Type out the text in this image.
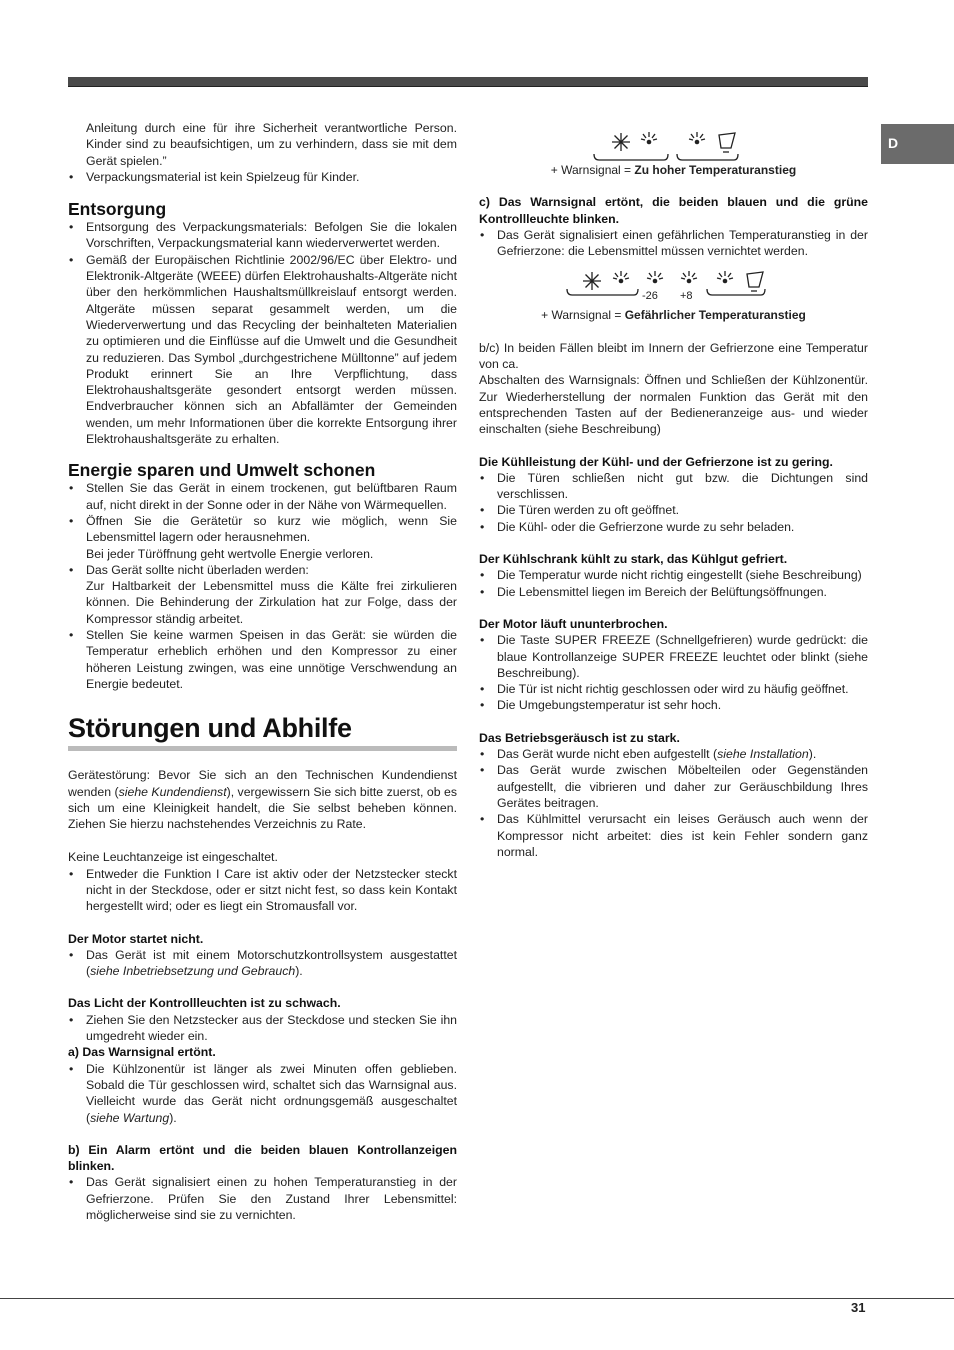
D

Anleitung durch eine für ihre Sicherheit verantwortliche Person. Kinder sind zu beaufsichtigen, um zu verhindern, dass sie mit dem Gerät spielen.”

• Verpackungsmaterial ist kein Spielzeug für Kinder.
Entsorgung
• Entsorgung des Verpackungsmaterials: Befolgen Sie die lokalen Vorschriften, Verpackungsmaterial kann wiederverwertet werden.
• Gemäß der Europäischen Richtlinie 2002/96/EC über Elektro- und Elektronik-Altgeräte (WEEE) dürfen Elektrohaushalts-Altgeräte nicht über den herkömmlichen Haushaltsmüllkreislauf entsorgt werden. Altgeräte müssen separat gesammelt werden, um die Wiederverwertung und das Recycling der beinhalteten Materialien zu optimieren und die Einflüsse auf die Umwelt und die Gesundheit zu reduzieren. Das Symbol „durchgestrichene Mülltonne” auf jedem Produkt erinnert Sie an Ihre Verpflichtung, dass Elektrohaushaltsgeräte gesondert entsorgt werden müssen. Endverbraucher können sich an Abfallämter der Gemeinden wenden, um mehr Informationen über die korrekte Entsorgung ihrer Elektrohaushaltsgeräte zu erhalten.
Energie sparen und Umwelt schonen
• Stellen Sie das Gerät in einem trockenen, gut belüftbaren Raum auf, nicht direkt in der Sonne oder in der Nähe von Wärmequellen.
• Öffnen Sie die Gerätetür so kurz wie möglich, wenn Sie Lebensmittel lagern oder herausnehmen.
Bei jeder Türöffnung geht wertvolle Energie verloren.
• Das Gerät sollte nicht überladen werden:
Zur Haltbarkeit der Lebensmittel muss die Kälte frei zirkulieren können. Die Behinderung der Zirkulation hat zur Folge, dass der Kompressor ständig arbeitet.
• Stellen Sie keine warmen Speisen in das Gerät: sie würden die Temperatur erheblich erhöhen und den Kompressor zu einer höheren Leistung zwingen, was eine unnötige Verschwendung an Energie bedeutet.
Störungen und Abhilfe

Gerätestörung: Bevor Sie sich an den Technischen Kundendienst wenden (siehe Kundendienst), vergewissern Sie sich bitte zuerst, ob es sich um eine Kleinigkeit handelt, die Sie selbst beheben können. Ziehen Sie hierzu nachstehendes Verzeichnis zu Rate.

Keine Leuchtanzeige ist eingeschaltet.

• Entweder die Funktion I Care ist aktiv oder der Netzstecker steckt nicht in der Steckdose, oder er sitzt nicht fest, so dass kein Kontakt hergestellt wird; oder es liegt ein Stromausfall vor.

Der Motor startet nicht.

• Das Gerät ist mit einem Motorschutzkontrollsystem ausgestattet (siehe Inbetriebsetzung und Gebrauch).

Das Licht der Kontrollleuchten ist zu schwach.

• Ziehen Sie den Netzstecker aus der Steckdose und stecken Sie ihn umgedreht wieder ein.

a) Das Warnsignal ertönt.

• Die Kühlzonentür ist länger als zwei Minuten offen geblieben. Sobald die Tür geschlossen wird, schaltet sich das Warnsignal aus. Vielleicht wurde das Gerät nicht ordnungsgemäß ausgeschaltet (siehe Wartung).

b) Ein Alarm ertönt und die beiden blauen Kontrollanzeigen blinken.

• Das Gerät signalisiert einen zu hohen Temperaturanstieg in der Gefrierzone. Prüfen Sie den Zustand Ihrer Lebensmittel: möglicherweise sind sie zu vernichten.

+ Warnsignal = Zu hoher Temperaturanstieg

c) Das Warnsignal ertönt, die beiden blauen und die grüne Kontrollleuchte blinken.

• Das Gerät signalisiert einen gefährlichen Temperaturanstieg in der Gefrierzone: die Lebensmittel müssen vernichtet werden.
-26 +8

+ Warnsignal = Gefährlicher Temperaturanstieg

b/c) In beiden Fällen bleibt im Innern der Gefrierzone eine Temperatur von ca.

Abschalten des Warnsignals: Öffnen und Schließen der Kühlzonentür. Zur Wiederherstellung der normalen Funktion das Gerät mit den entsprechenden Tasten auf der Bedieneranzeige aus- und wieder einschalten (siehe Beschreibung)

Die Kühlleistung der Kühl- und der Gefrierzone ist zu gering.

• Die Türen schließen nicht gut bzw. die Dichtungen sind verschlissen.
• Die Türen werden zu oft geöffnet.
• Die Kühl- oder die Gefrierzone wurde zu sehr beladen.

Der Kühlschrank kühlt zu stark, das Kühlgut gefriert.

• Die Temperatur wurde nicht richtig eingestellt (siehe Beschreibung)
• Die Lebensmittel liegen im Bereich der Belüftungsöffnungen.

Der Motor läuft ununterbrochen.

• Die Taste SUPER FREEZE (Schnellgefrieren) wurde gedrückt: die blaue Kontrollanzeige SUPER FREEZE leuchtet oder blinkt (siehe Beschreibung).
• Die Tür ist nicht richtig geschlossen oder wird zu häufig geöffnet.
• Die Umgebungstemperatur ist sehr hoch.

Das Betriebsgeräusch ist zu stark.

• Das Gerät wurde nicht eben aufgestellt (siehe Installation).
• Das Gerät wurde zwischen Möbelteilen oder Gegenständen aufgestellt, die vibrieren und daher zur Geräuschbildung Ihres Gerätes beitragen.
• Das Kühlmittel verursacht ein leises Geräusch auch wenn der Kompressor nicht arbeitet: dies ist kein Fehler sondern ganz normal.
31
